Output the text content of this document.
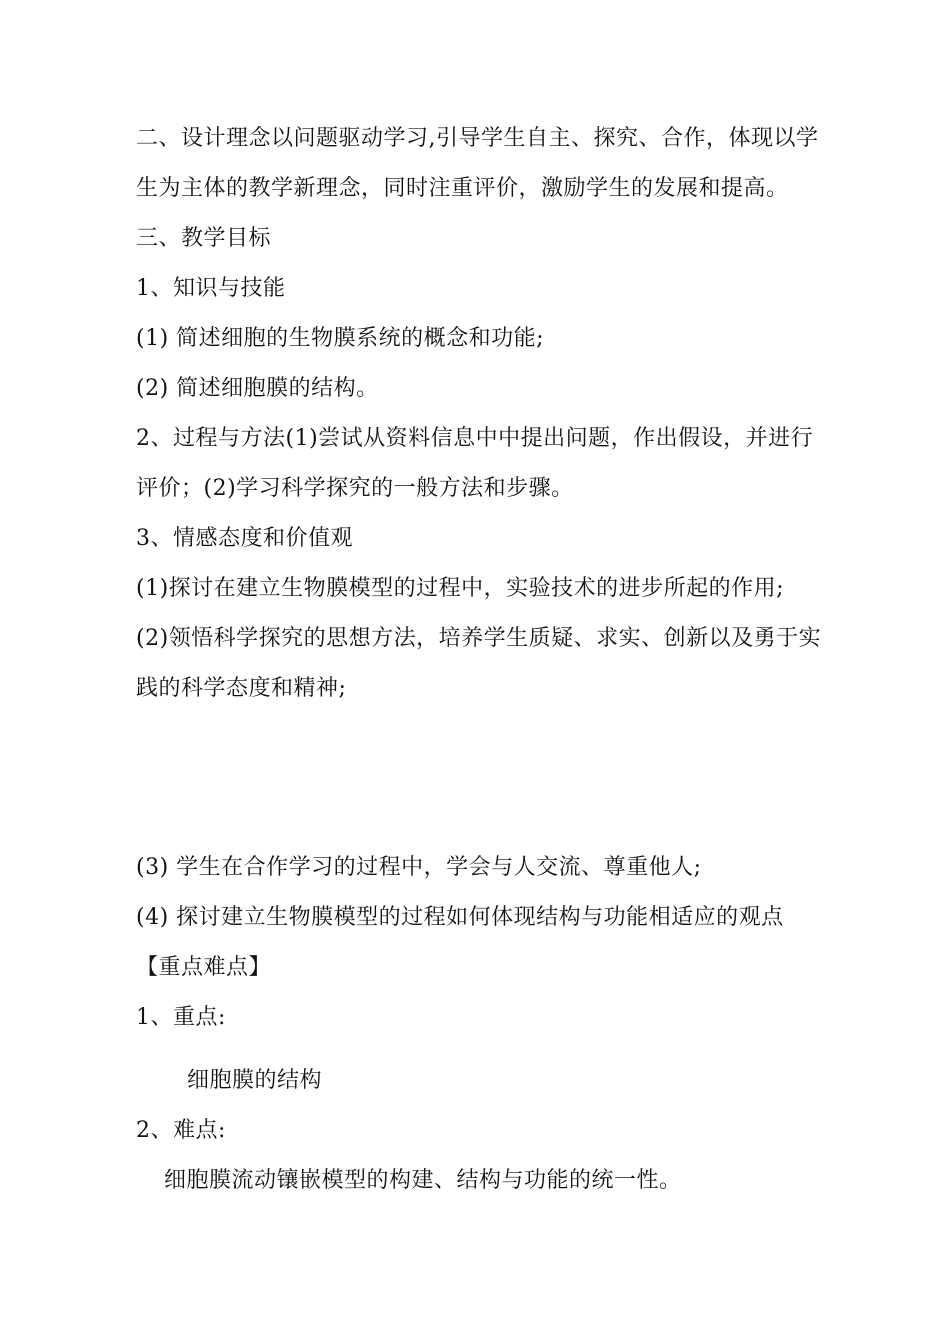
二、设计理念以问题驱动学习,引导学生自主、探究、合作，体现以学
生为主体的教学新理念，同时注重评价，激励学生的发展和提高。
三、教学目标
1、知识与技能
(1) 简述细胞的生物膜系统的概念和功能;
(2) 简述细胞膜的结构。
2、过程与方法(1)尝试从资料信息中中提出问题，作出假设，并进行
评价；(2)学习科学探究的一般方法和步骤。
3、情感态度和价值观
(1)探讨在建立生物膜模型的过程中，实验技术的进步所起的作用;
(2)领悟科学探究的思想方法，培养学生质疑、求实、创新以及勇于实
践的科学态度和精神;
(3) 学生在合作学习的过程中，学会与人交流、尊重他人;
(4) 探讨建立生物膜模型的过程如何体现结构与功能相适应的观点
【重点难点】
1、重点:
细胞膜的结构
2、难点:
细胞膜流动镶嵌模型的构建、结构与功能的统一性。
